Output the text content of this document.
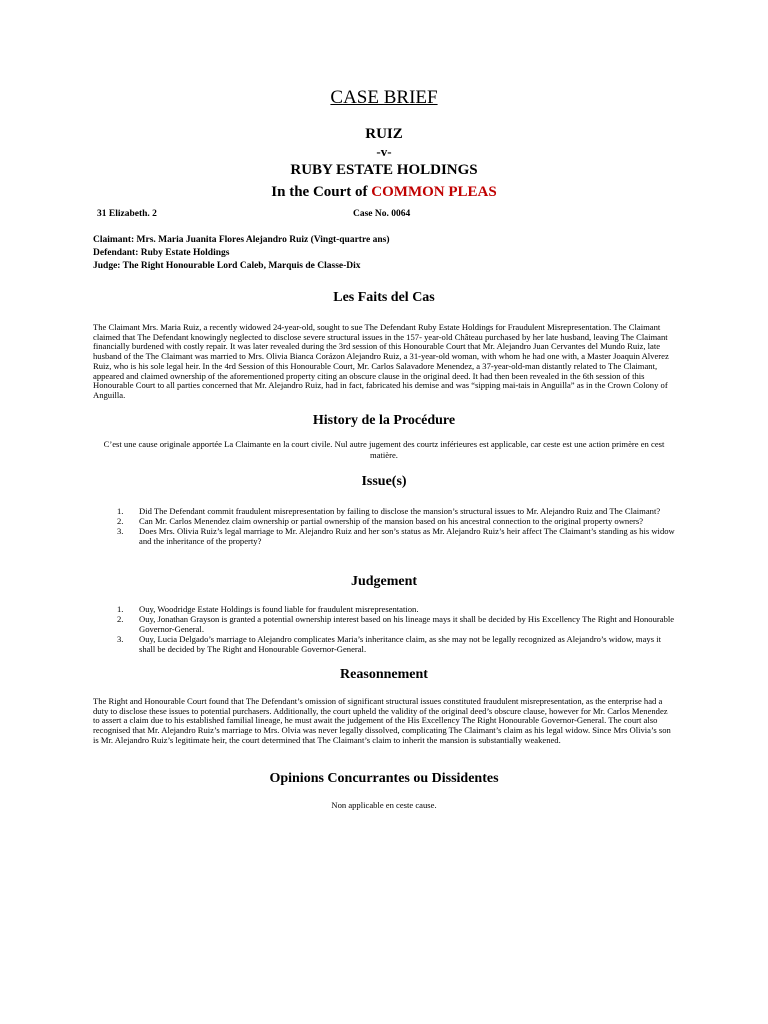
CASE BRIEF
RUIZ
-v-
RUBY ESTATE HOLDINGS
In the Court of COMMON PLEAS
31 Elizabeth. 2	Case No. 0064
Claimant: Mrs. Maria Juanita Flores Alejandro Ruiz (Vingt-quartre ans)
Defendant: Ruby Estate Holdings
Judge: The Right Honourable Lord Caleb, Marquis de Classe-Dix
Les Faits del Cas
The Claimant Mrs. Maria Ruiz, a recently widowed 24-year-old, sought to sue The Defendant Ruby Estate Holdings for Fraudulent Misrepresentation. The Claimant claimed that The Defendant knowingly neglected to disclose severe structural issues in the 157- year-old Château purchased by her late husband, leaving The Claimant financially burdened with costly repair. It was later revealed during the 3rd session of this Honourable Court that Mr. Alejandro Juan Cervantes del Mundo Ruiz, late husband of the The Claimant was married to Mrs. Olivia Bianca Corázon Alejandro Ruiz, a 31-year-old woman, with whom he had one with, a Master Joaquin Alverez Ruiz, who is his sole legal heir. In the 4rd Session of this Honourable Court, Mr. Carlos Salavadore Menendez, a 37-year-old-man distantly related to The Claimant, appeared and claimed ownership of the aforementioned property citing an obscure clause in the original deed. It had then been revealed in the 6th session of this Honourable Court to all parties concerned that Mr. Alejandro Ruiz, had in fact, fabricated his demise and was “sipping mai-tais in Anguilla” as in the Crown Colony of Anguilla.
History de la Procédure
C’est une cause originale apportée La Claimante en la court civile. Nul autre jugement des courtz inférieures est applicable, car ceste est une action primère en cest matière.
Issue(s)
1. Did The Defendant commit fraudulent misrepresentation by failing to disclose the mansion’s structural issues to Mr. Alejandro Ruiz and The Claimant?
2. Can Mr. Carlos Menendez claim ownership or partial ownership of the mansion based on his ancestral connection to the original property owners?
3. Does Mrs. Olivia Ruiz’s legal marriage to Mr. Alejandro Ruiz and her son’s status as Mr. Alejandro Ruiz’s heir affect The Claimant’s standing as his widow and the inheritance of the property?
Judgement
1. Ouy, Woodridge Estate Holdings is found liable for fraudulent misrepresentation.
2. Ouy, Jonathan Grayson is granted a potential ownership interest based on his lineage mays it shall be decided by His Excellency The Right and Honourable Governor-General.
3. Ouy, Lucia Delgado’s marriage to Alejandro complicates Maria’s inheritance claim, as she may not be legally recognized as Alejandro’s widow, mays it shall be decided by The Right and Honourable Governor-General.
Reasonnement
The Right and Honourable Court found that The Defendant’s omission of significant structural issues constituted fraudulent misrepresentation, as the enterprise had a duty to disclose these issues to potential purchasers. Additionally, the court upheld the validity of the original deed’s obscure clause, however for Mr. Carlos Menendez to assert a claim due to his established familial lineage, he must await the judgement of the His Excellency The Right Honourable Governor-General. The court also recognised that Mr. Alejandro Ruiz’s marriage to Mrs. Olvia was never legally dissolved, complicating The Claimant’s claim as his legal widow. Since Mrs Olivia’s son is Mr. Alejandro Ruiz’s legitimate heir, the court determined that The Claimant’s claim to inherit the mansion is substantially weakened.
Opinions Concurrantes ou Dissidentes
Non applicable en ceste cause.
